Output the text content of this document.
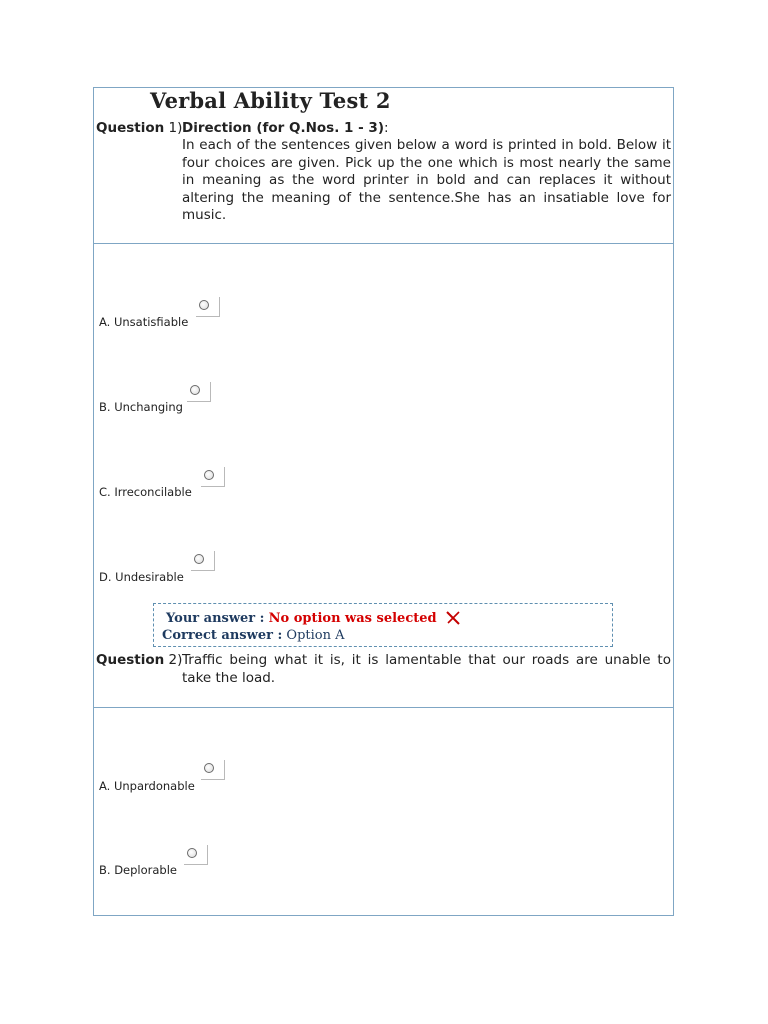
Verbal Ability Test 2
Question 1) Direction (for Q.Nos. 1 - 3):
In each of the sentences given below a word is printed in bold. Below it four choices are given. Pick up the one which is most nearly the same in meaning as the word printer in bold and can replaces it without altering the meaning of the sentence.She has an insatiable love for music.
A. Unsatisfiable
B. Unchanging
C. Irreconcilable
D. Undesirable
Your answer : No option was selected
Correct answer : Option A
Question 2) Traffic being what it is, it is lamentable that our roads are unable to take the load.
A. Unpardonable
B. Deplorable
